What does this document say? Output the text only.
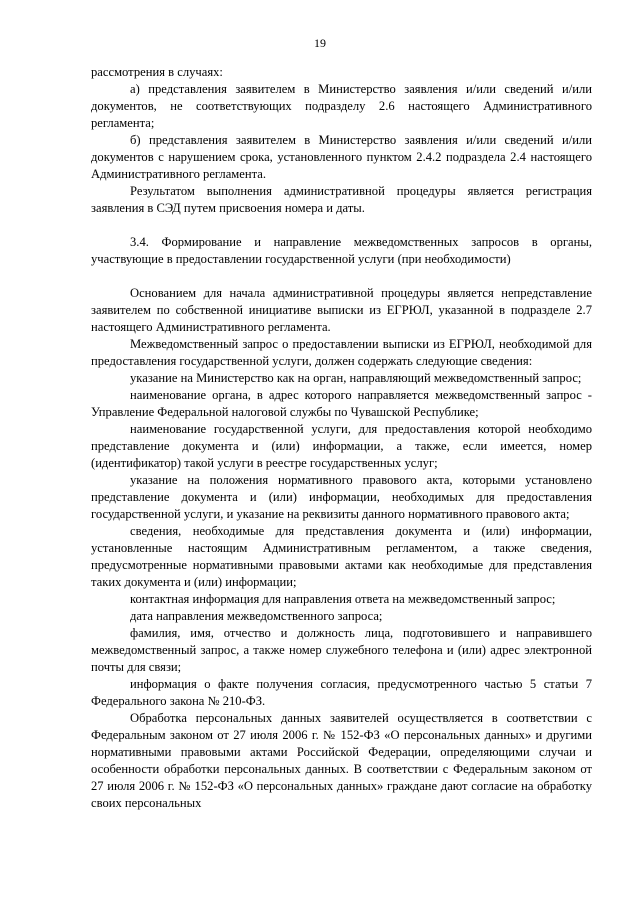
19

рассмотрения в случаях:

а) представления заявителем в Министерство заявления и/или сведений и/или документов, не соответствующих подразделу 2.6 настоящего Административного регламента;

б) представления заявителем в Министерство заявления и/или сведений и/или документов с нарушением срока, установленного пунктом 2.4.2 подраздела 2.4 настоящего Административного регламента.

Результатом выполнения административной процедуры является регистрация заявления в СЭД путем присвоения номера и даты.

3.4. Формирование и направление межведомственных запросов в органы, участвующие в предоставлении государственной услуги (при необходимости)

Основанием для начала административной процедуры является непредставление заявителем по собственной инициативе выписки из ЕГРЮЛ, указанной в подразделе 2.7 настоящего Административного регламента.

Межведомственный запрос о предоставлении выписки из ЕГРЮЛ, необходимой для предоставления государственной услуги, должен содержать следующие сведения:

указание на Министерство как на орган, направляющий межведомственный запрос;

наименование органа, в адрес которого направляется межведомственный запрос - Управление Федеральной налоговой службы по Чувашской Республике;

наименование государственной услуги, для предоставления которой необходимо представление документа и (или) информации, а также, если имеется, номер (идентификатор) такой услуги в реестре государственных услуг;

указание на положения нормативного правового акта, которыми установлено представление документа и (или) информации, необходимых для предоставления государственной услуги, и указание на реквизиты данного нормативного правового акта;

сведения, необходимые для представления документа и (или) информации, установленные настоящим Административным регламентом, а также сведения, предусмотренные нормативными правовыми актами как необходимые для представления таких документа и (или) информации;

контактная информация для направления ответа на межведомственный запрос;

дата направления межведомственного запроса;

фамилия, имя, отчество и должность лица, подготовившего и направившего межведомственный запрос, а также номер служебного телефона и (или) адрес электронной почты для связи;

информация о факте получения согласия, предусмотренного частью 5 статьи 7 Федерального закона № 210-ФЗ.

Обработка персональных данных заявителей осуществляется в соответствии с Федеральным законом от 27 июля 2006 г. № 152-ФЗ «О персональных данных» и другими нормативными правовыми актами Российской Федерации, определяющими случаи и особенности обработки персональных данных. В соответствии с Федеральным законом от 27 июля 2006 г. № 152-ФЗ «О персональных данных» граждане дают согласие на обработку своих персональных
